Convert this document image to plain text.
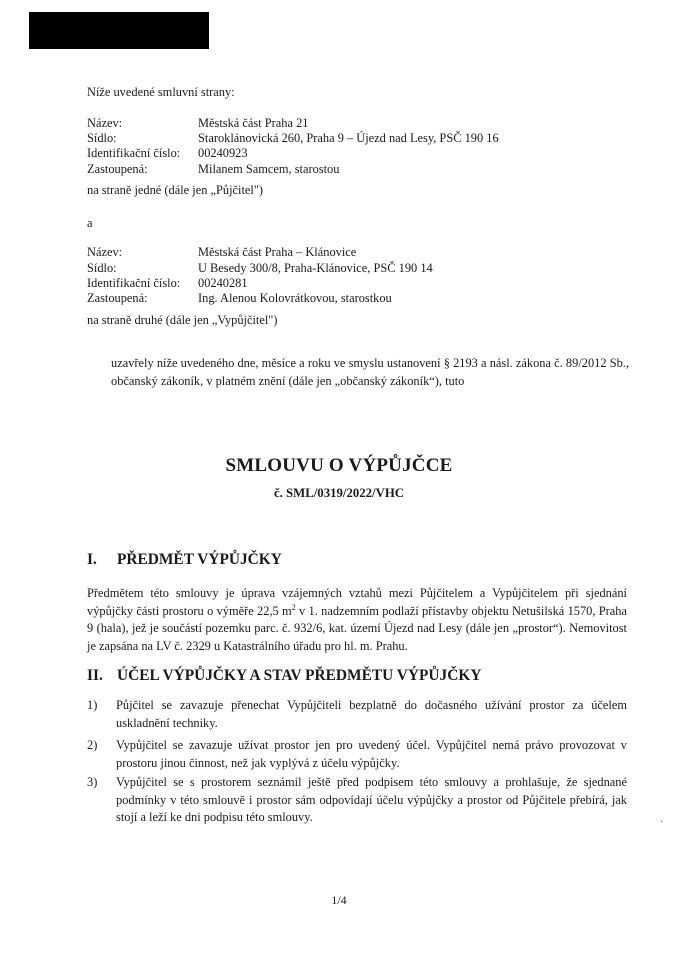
Níže uvedené smluvní strany:
Název:	Městská část Praha 21
Sídlo:	Staroklánovická 260, Praha 9 – Újezd nad Lesy, PSČ 190 16
Identifikační číslo: 00240923
Zastoupená:	Milanem Samcem, starostou
na straně jedné (dále jen „Půjčitel")
a
Název:	Městská část Praha – Klánovice
Sídlo:	U Besedy 300/8, Praha-Klánovice, PSČ 190 14
Identifikační číslo: 00240281
Zastoupená:	Ing. Alenou Kolovrátkovou, starostkou
na straně druhé (dále jen „Vypůjčitel")
uzavřely níže uvedeného dne, měsíce a roku ve smyslu ustanovení § 2193 a násl. zákona č. 89/2012 Sb., občanský zákoník, v platném znění (dále jen „občanský zákoník“), tuto
SMLOUVU O VÝPŮJČCE
č. SML/0319/2022/VHC
I. PŘEDMĚT VÝPŮJČKY
Předmětem této smlouvy je úprava vzájemných vztahů mezi Půjčitelem a Vypůjčitelem při sjednání výpůjčky části prostoru o výměře 22,5 $m^2$ v 1. nadzemním podlaží přístavby objektu Netušilská 1570, Praha 9 (hala), jež je součástí pozemku parc. č. 932/6, kat. území Újezd nad Lesy (dále jen „prostor“). Nemovitost je zapsána na LV č. 2329 u Katastrálního úřadu pro hl. m. Prahu.
II. ÚČEL VÝPŮJČKY A STAV PŘEDMĚTU VÝPŮJČKY
1) Půjčitel se zavazuje přenechat Vypůjčiteli bezplatně do dočasného užívání prostor za účelem uskladnění techniky.
2) Vypůjčitel se zavazuje užívat prostor jen pro uvedený účel. Vypůjčitel nemá právo provozovat v prostoru jinou činnost, než jak vyplývá z účelu výpůjčky.
3) Vypůjčitel se s prostorem seznámil ještě před podpisem této smlouvy a prohlašuje, že sjednané podmínky v této smlouvě i prostor sám odpovídají účelu výpůjčky a prostor od Půjčitele přebírá, jak stojí a leží ke dni podpisu této smlouvy.	·
1/4
